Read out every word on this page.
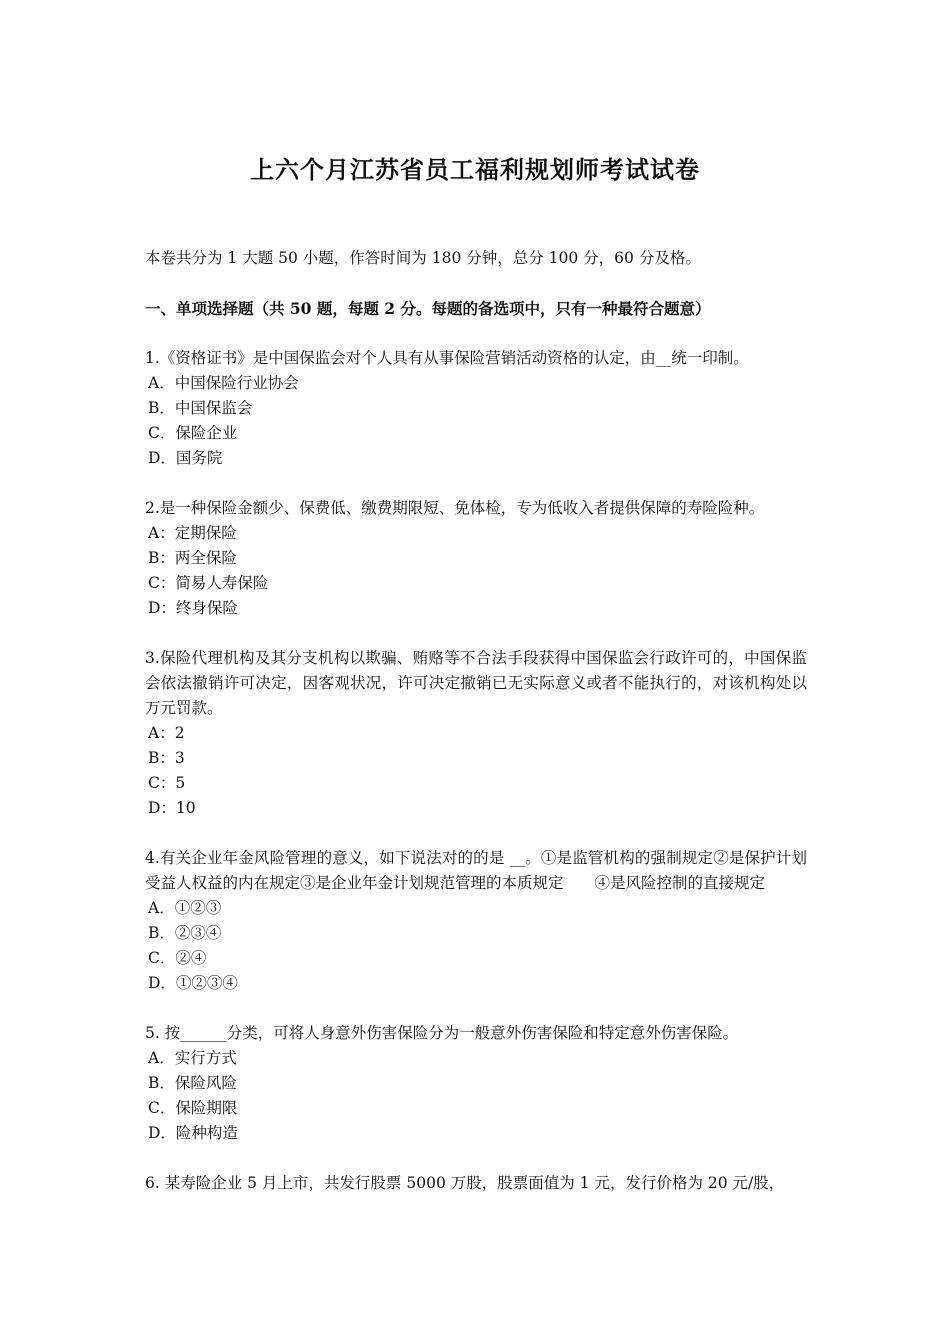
上六个月江苏省员工福利规划师考试试卷
本卷共分为 1 大题 50 小题，作答时间为 180 分钟，总分 100 分，60 分及格。
一、单项选择题（共 50 题，每题 2 分。每题的备选项中，只有一种最符合题意）
1.《资格证书》是中国保监会对个人具有从事保险营销活动资格的认定，由__统一印制。
A．中国保险行业协会
B．中国保监会
C．保险企业
D．国务院
2.是一种保险金额少、保费低、缴费期限短、免体检，专为低收入者提供保障的寿险险种。
A：定期保险
B：两全保险
C：简易人寿保险
D：终身保险
3.保险代理机构及其分支机构以欺骗、贿赂等不合法手段获得中国保监会行政许可的，中国保监会依法撤销许可决定，因客观状况，许可决定撤销已无实际意义或者不能执行的，对该机构处以万元罚款。
A：2
B：3
C：5
D：10
4.有关企业年金风险管理的意义，如下说法对的的是 __。①是监管机构的强制规定②是保护计划受益人权益的内在规定③是企业年金计划规范管理的本质规定　　④是风险控制的直接规定
A．①②③
B．②③④
C．②④
D．①②③④
5. 按______分类，可将人身意外伤害保险分为一般意外伤害保险和特定意外伤害保险。
A．实行方式
B．保险风险
C．保险期限
D．险种构造
6. 某寿险企业 5 月上市，共发行股票 5000 万股，股票面值为 1 元，发行价格为 20 元/股，
